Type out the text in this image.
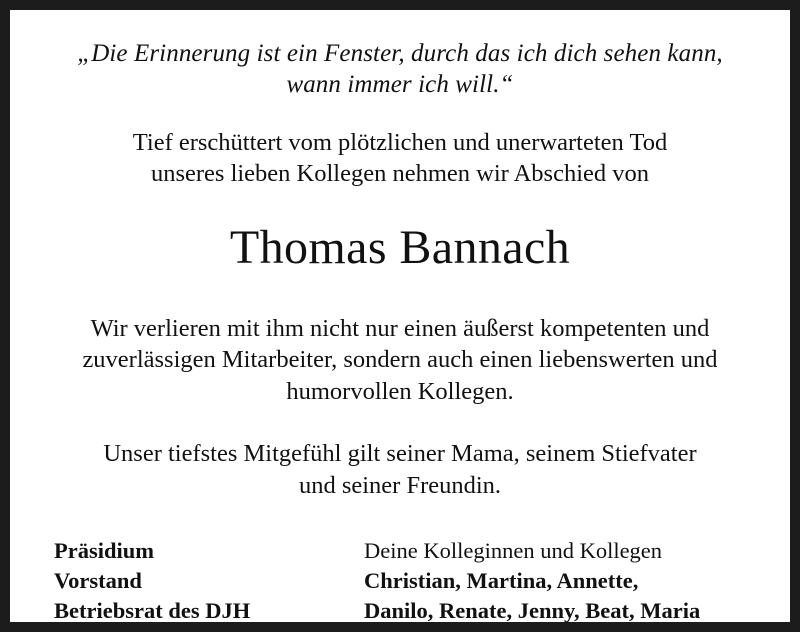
„Die Erinnerung ist ein Fenster, durch das ich dich sehen kann,
wann immer ich will.“
Tief erschüttert vom plötzlichen und unerwarteten Tod
unseres lieben Kollegen nehmen wir Abschied von
Thomas Bannach
Wir verlieren mit ihm nicht nur einen äußerst kompetenten und
zuverlässigen Mitarbeiter, sondern auch einen liebenswerten und
humorvollen Kollegen.
Unser tiefstes Mitgefühl gilt seiner Mama, seinem Stiefvater
und seiner Freundin.
Präsidium
Vorstand
Betriebsrat des DJH
Deine Kolleginnen und Kollegen
Christian, Martina, Annette,
Danilo, Renate, Jenny, Beat, Maria
